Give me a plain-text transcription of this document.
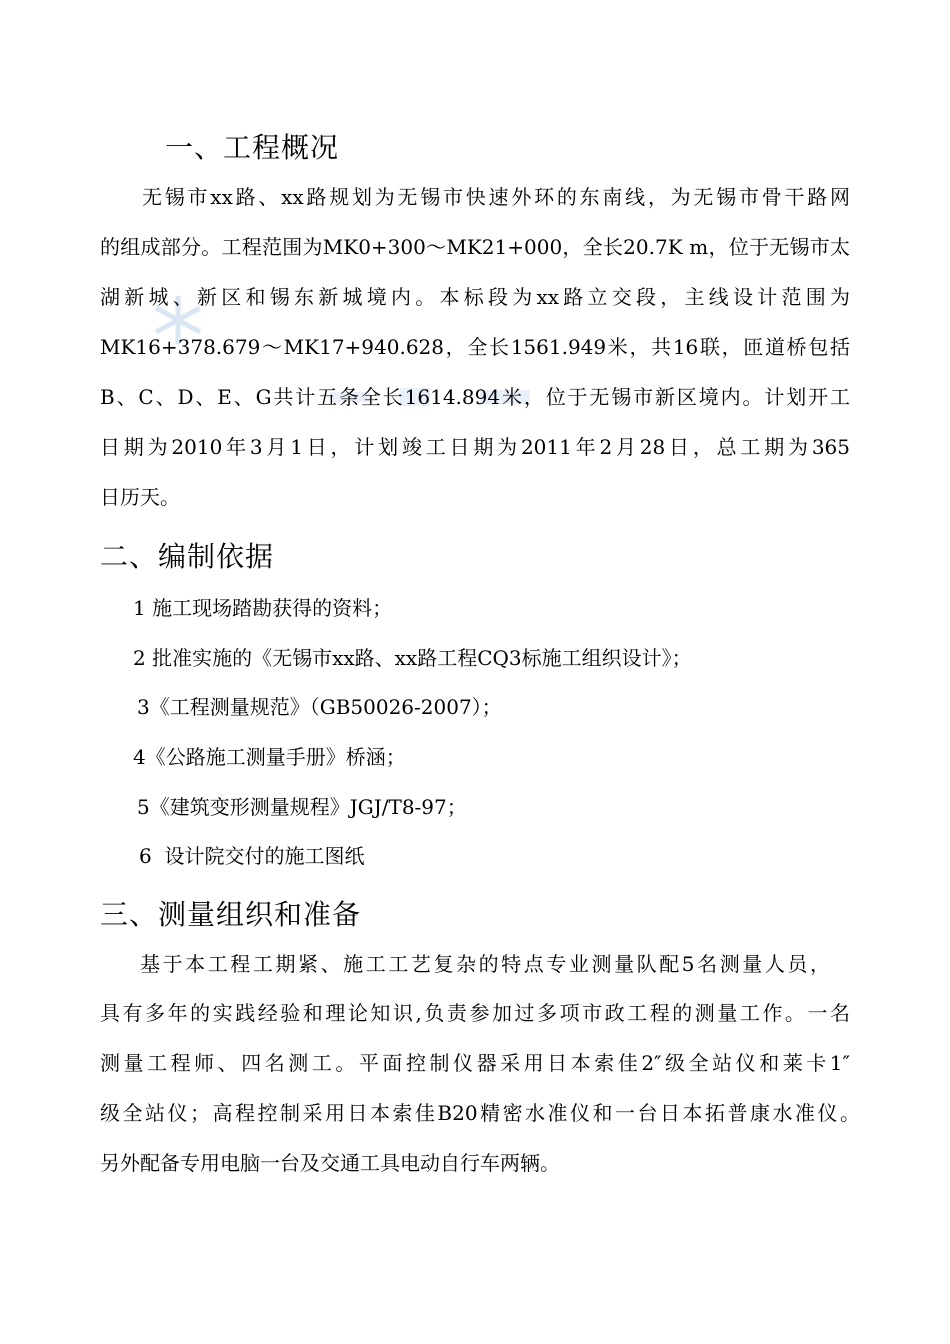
一、工程概况
无锡市xx路、xx路规划为无锡市快速外环的东南线，为无锡市骨干路网
的组成部分。工程范围为MK0+300～MK21+000，全长20.7K m，位于无锡市太
湖新城、新区和锡东新城境内。本标段为xx路立交段，主线设计范围为
MK16+378.679～MK17+940.628，全长1561.949米，共16联，匝道桥包括
B、C、D、E、G共计五条全长1614.894米，位于无锡市新区境内。计划开工
日期为2010年3月1日，计划竣工日期为2011年2月28日，总工期为365
日历天。
二、编制依据
1 施工现场踏勘获得的资料；
2 批准实施的《无锡市xx路、xx路工程CQ3标施工组织设计》；
3《工程测量规范》（GB50026-2007）；
4《公路施工测量手册》桥涵；
5《建筑变形测量规程》JGJ/T8-97；
6  设计院交付的施工图纸
三、测量组织和准备
基于本工程工期紧、施工工艺复杂的特点专业测量队配5名测量人员，
具有多年的实践经验和理论知识,负责参加过多项市政工程的测量工作。一名
测量工程师、四名测工。平面控制仪器采用日本索佳2″级全站仪和莱卡1″
级全站仪；高程控制采用日本索佳B20精密水准仪和一台日本拓普康水准仪。
另外配备专用电脑一台及交通工具电动自行车两辆。
